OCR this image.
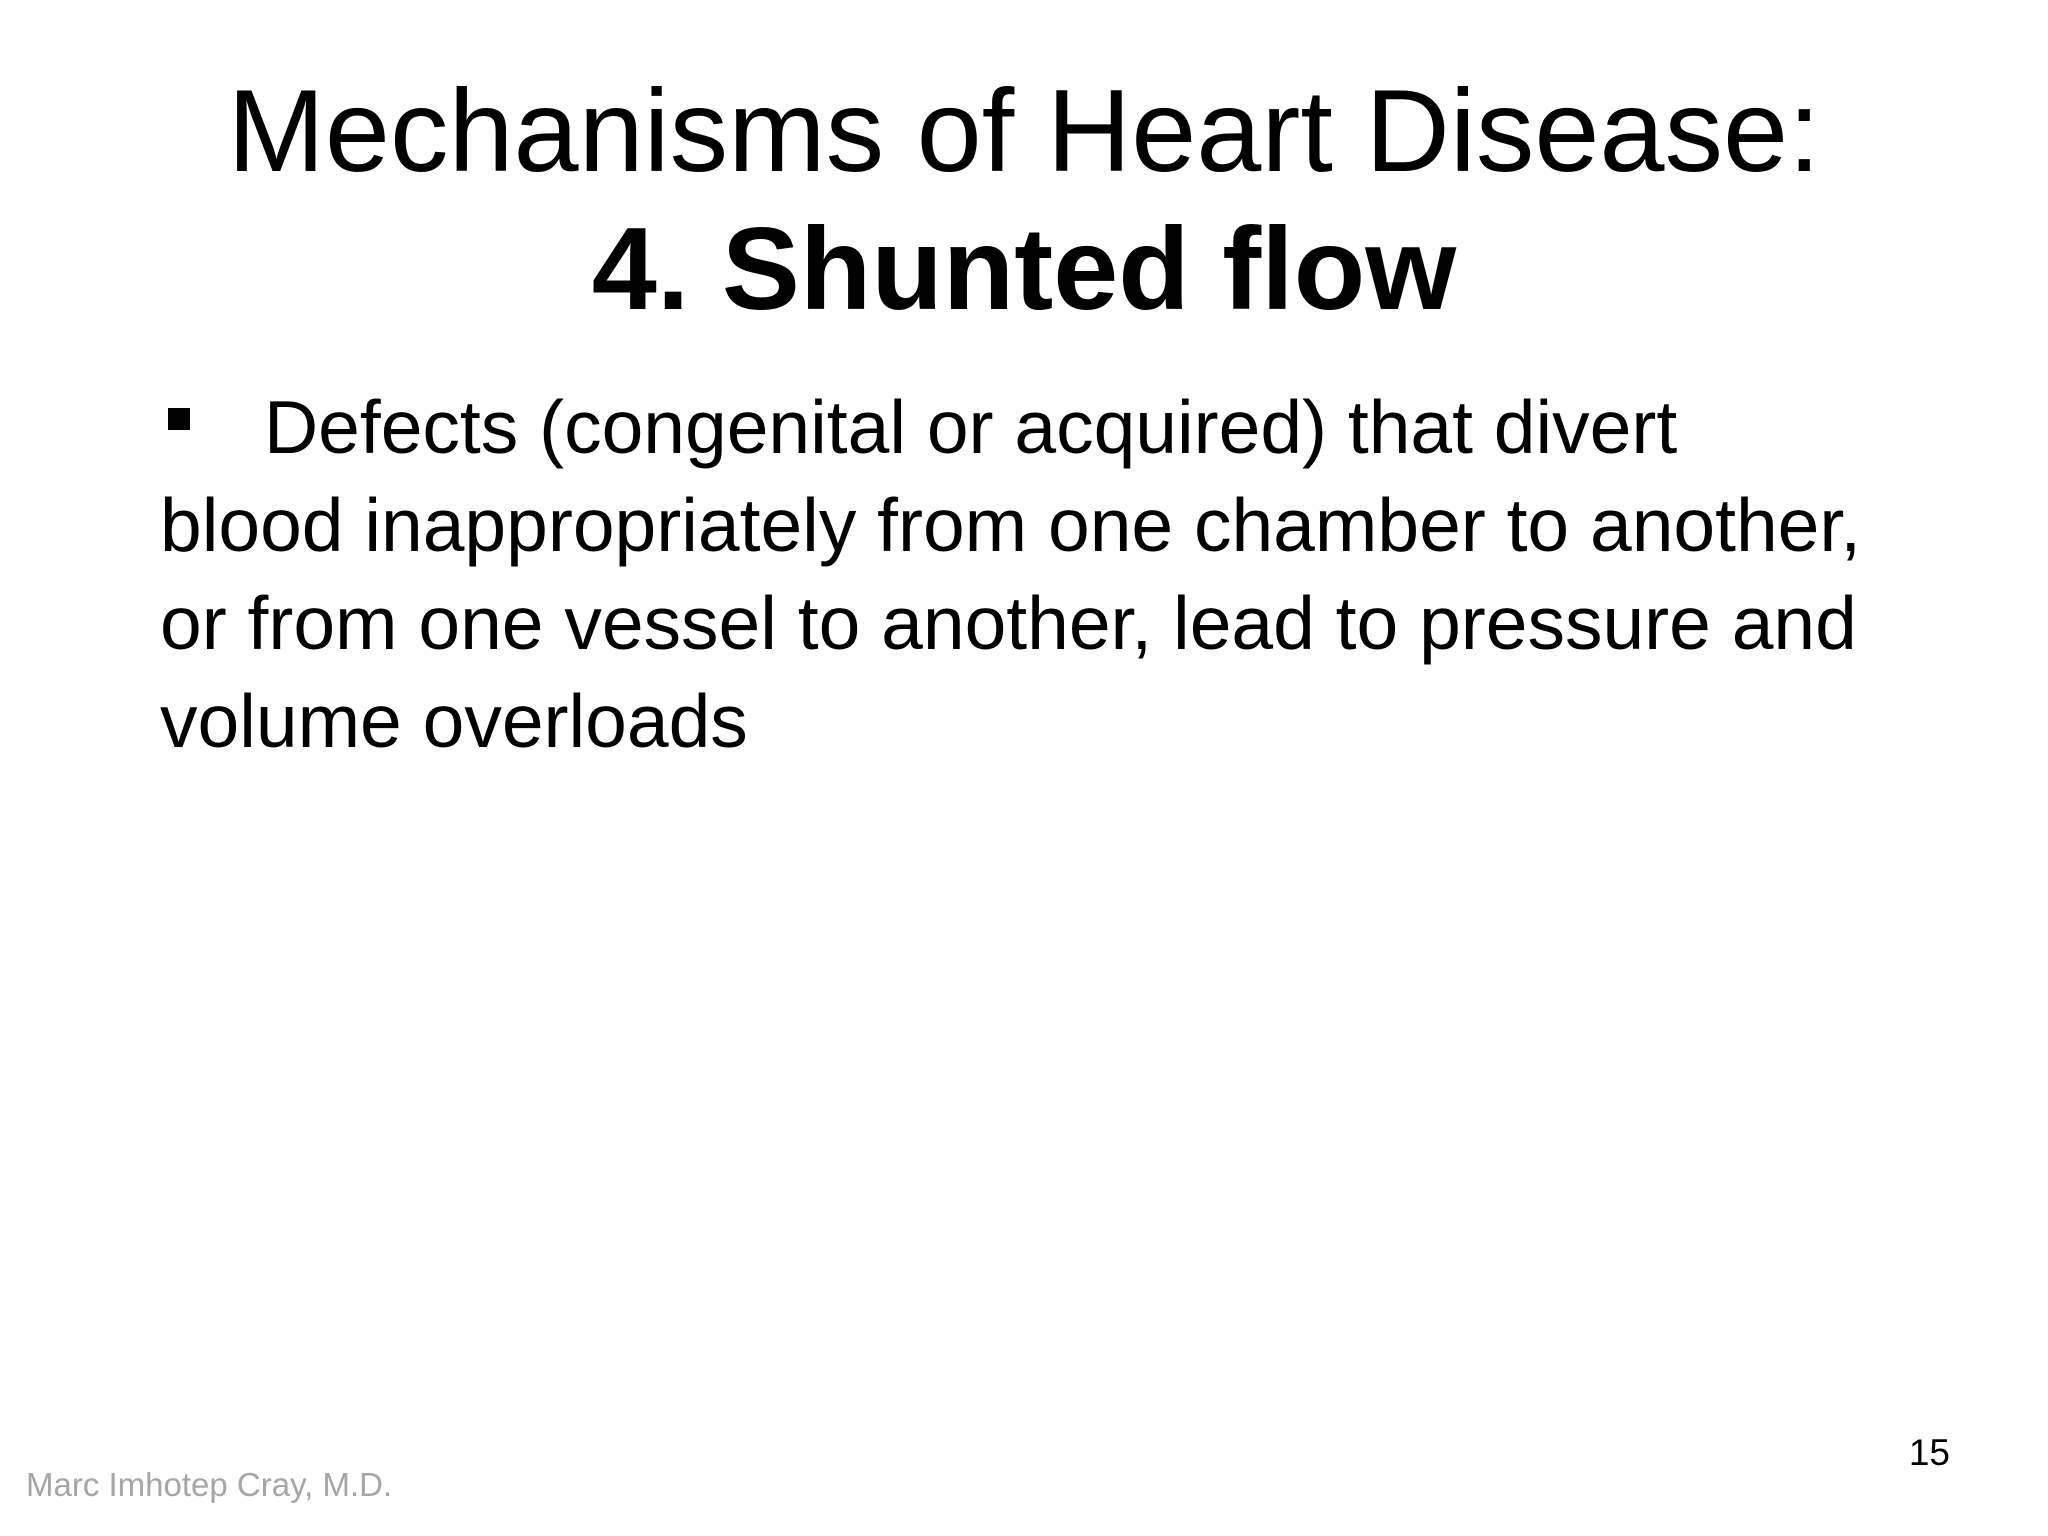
Mechanisms of Heart Disease:
4. Shunted flow
Defects (congenital or acquired) that divert blood inappropriately from one chamber to another, or from one vessel to another, lead to pressure and volume overloads
Marc Imhotep Cray, M.D.
15
